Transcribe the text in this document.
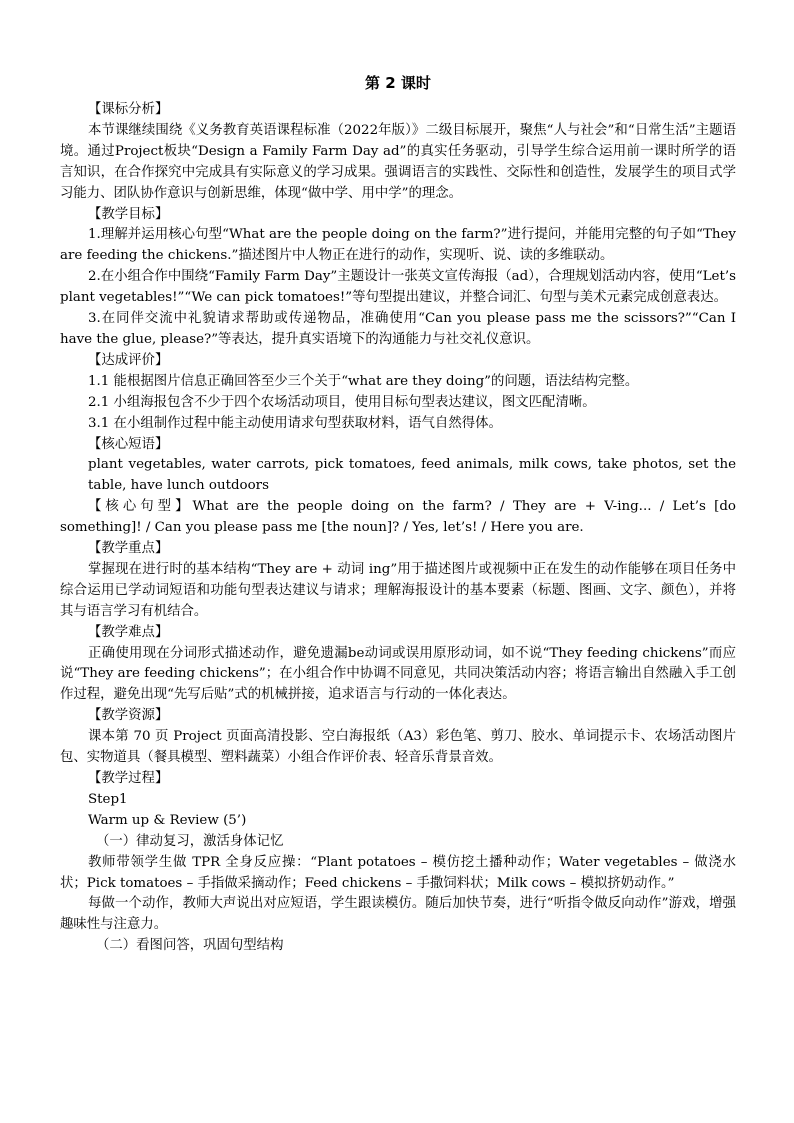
第 2 课时
【课标分析】
本节课继续围绕《义务教育英语课程标准（2022年版）》二级目标展开，聚焦“人与社会”和“日常生活”主题语境。通过Project板块“Design a Family Farm Day ad”的真实任务驱动，引导学生综合运用前一课时所学的语言知识，在合作探究中完成具有实际意义的学习成果。强调语言的实践性、交际性和创造性，发展学生的项目式学习能力、团队协作意识与创新思维，体现“做中学、用中学”的理念。
【教学目标】
1.理解并运用核心句型“What are the people doing on the farm?”进行提问，并能用完整的句子如“They are feeding the chickens.”描述图片中人物正在进行的动作，实现听、说、读的多维联动。
2.在小组合作中围绕“Family Farm Day”主题设计一张英文宣传海报（ad），合理规划活动内容，使用“Let’s plant vegetables!”“We can pick tomatoes!”等句型提出建议，并整合词汇、句型与美术元素完成创意表达。
3.在同伴交流中礼貌请求帮助或传递物品，准确使用“Can you please pass me the scissors?”“Can I have the glue, please?”等表达，提升真实语境下的沟通能力与社交礼仪意识。
【达成评价】
1.1 能根据图片信息正确回答至少三个关于“what are they doing”的问题，语法结构完整。
2.1 小组海报包含不少于四个农场活动项目，使用目标句型表达建议，图文匹配清晰。
3.1 在小组制作过程中能主动使用请求句型获取材料，语气自然得体。
【核心短语】
plant vegetables, water carrots, pick tomatoes, feed animals, milk cows, take photos, set the table, have lunch outdoors
【核心句型】What are the people doing on the farm? / They are + V-ing... / Let’s [do something]! / Can you please pass me [the noun]? / Yes, let’s! / Here you are.
【教学重点】
掌握现在进行时的基本结构“They are + 动词 ing”用于描述图片或视频中正在发生的动作能够在项目任务中综合运用已学动词短语和功能句型表达建议与请求；理解海报设计的基本要素（标题、图画、文字、颜色），并将其与语言学习有机结合。
【教学难点】
正确使用现在分词形式描述动作，避免遗漏be动词或误用原形动词，如不说“They feeding chickens”而应说“They are feeding chickens”；在小组合作中协调不同意见，共同决策活动内容；将语言输出自然融入手工创作过程，避免出现“先写后贴”式的机械拼接，追求语言与行动的一体化表达。
【教学资源】
课本第 70 页 Project 页面高清投影、空白海报纸（A3）彩色笔、剪刀、胶水、单词提示卡、农场活动图片包、实物道具（餐具模型、塑料蔬菜）小组合作评价表、轻音乐背景音效。
【教学过程】
Step1
Warm up & Review (5’)
（一）律动复习，激活身体记忆
教师带领学生做 TPR 全身反应操：“Plant potatoes – 模仿挖土播种动作；Water vegetables – 做浇水状；Pick tomatoes – 手指做采摘动作；Feed chickens – 手撒饲料状；Milk cows – 模拟挤奶动作。”
每做一个动作，教师大声说出对应短语，学生跟读模仿。随后加快节奏，进行“听指令做反向动作”游戏，增强趣味性与注意力。
（二）看图问答，巩固句型结构
